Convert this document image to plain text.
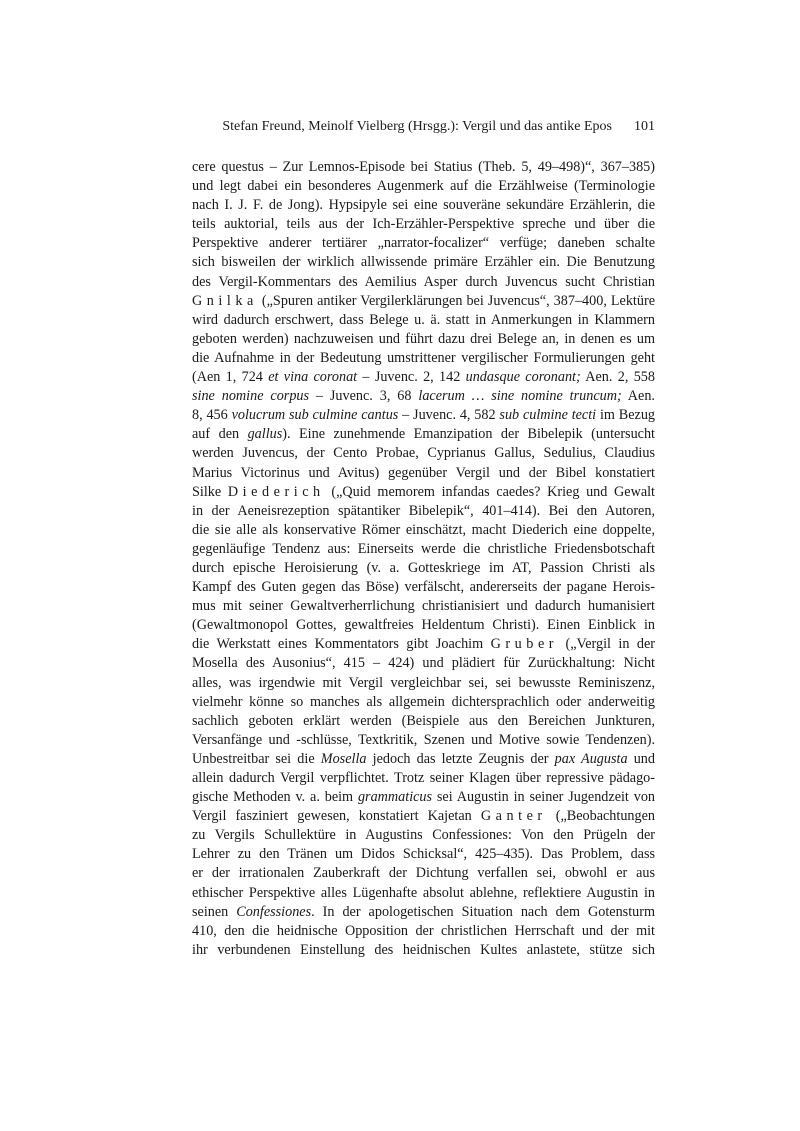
Stefan Freund, Meinolf Vielberg (Hrsgg.): Vergil und das antike Epos 101
cere questus – Zur Lemnos-Episode bei Statius (Theb. 5, 49–498)“, 367–385)
und legt dabei ein besonderes Augenmerk auf die Erzählweise (Terminologie
nach I. J. F. de Jong). Hypsipyle sei eine souveräne sekundäre Erzählerin, die
teils auktorial, teils aus der Ich-Erzähler-Perspektive spreche und über die
Perspektive anderer tertiärer „narrator-focalizer“ verfüge; daneben schalte
sich bisweilen der wirklich allwissende primäre Erzähler ein. Die Benutzung
des Vergil-Kommentars des Aemilius Asper durch Juvencus sucht Christian
Gnilka („Spuren antiker Vergilerklärungen bei Juvencus“, 387–400, Lektüre
wird dadurch erschwert, dass Belege u. ä. statt in Anmerkungen in Klammern
geboten werden) nachzuweisen und führt dazu drei Belege an, in denen es um
die Aufnahme in der Bedeutung umstrittener vergilischer Formulierungen geht
(Aen 1, 724 et vina coronat – Juvenc. 2, 142 undasque coronant; Aen. 2, 558
sine nomine corpus – Juvenc. 3, 68 lacerum … sine nomine truncum; Aen.
8, 456 volucrum sub culmine cantus – Juvenc. 4, 582 sub culmine tecti im Bezug
auf den gallus). Eine zunehmende Emanzipation der Bibelepik (untersucht
werden Juvencus, der Cento Probae, Cyprianus Gallus, Sedulius, Claudius
Marius Victorinus und Avitus) gegenüber Vergil und der Bibel konstatiert
Silke Diederich („Quid memorem infandas caedes? Krieg und Gewalt
in der Aeneisrezeption spätantiker Bibelepik“, 401–414). Bei den Autoren,
die sie alle als konservative Römer einschätzt, macht Diederich eine doppelte,
gegenläufige Tendenz aus: Einerseits werde die christliche Friedensbotschaft
durch epische Heroisierung (v. a. Gotteskriege im AT, Passion Christi als
Kampf des Guten gegen das Böse) verfälscht, andererseits der pagane Herois-
mus mit seiner Gewaltverherrlichung christianisiert und dadurch humanisiert
(Gewaltmonopol Gottes, gewaltfreies Heldentum Christi). Einen Einblick in
die Werkstatt eines Kommentators gibt Joachim Gruber („Vergil in der
Mosella des Ausonius“, 415 – 424) und plädiert für Zurückhaltung: Nicht
alles, was irgendwie mit Vergil vergleichbar sei, sei bewusste Reminiszenz,
vielmehr könne so manches als allgemein dichtersprachlich oder anderweitig
sachlich geboten erklärt werden (Beispiele aus den Bereichen Junkturen,
Versanfänge und -schlüsse, Textkritik, Szenen und Motive sowie Tendenzen).
Unbestreitbar sei die Mosella jedoch das letzte Zeugnis der pax Augusta und
allein dadurch Vergil verpflichtet. Trotz seiner Klagen über repressive pädago-
gische Methoden v. a. beim grammaticus sei Augustin in seiner Jugendzeit von
Vergil fasziniert gewesen, konstatiert Kajetan Ganter („Beobachtungen
zu Vergils Schullektüre in Augustins Confessiones: Von den Prügeln der
Lehrer zu den Tränen um Didos Schicksal“, 425–435). Das Problem, dass
er der irrationalen Zauberkraft der Dichtung verfallen sei, obwohl er aus
ethischer Perspektive alles Lügenhafte absolut ablehne, reflektiere Augustin in
seinen Confessiones. In der apologetischen Situation nach dem Gotensturm
410, den die heidnische Opposition der christlichen Herrschaft und der mit
ihr verbundenen Einstellung des heidnischen Kultes anlastete, stütze sich
